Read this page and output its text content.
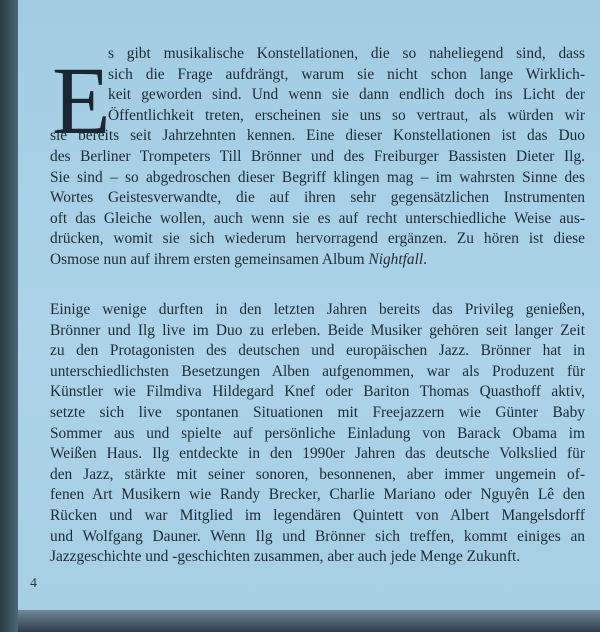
E
s gibt musikalische Konstellationen, die so naheliegend sind, dass
sich die Frage aufdrängt, warum sie nicht schon lange Wirklich-
keit geworden sind. Und wenn sie dann endlich doch ins Licht der
Öffentlichkeit treten, erscheinen sie uns so vertraut, als würden wir
sie bereits seit Jahrzehnten kennen. Eine dieser Konstellationen ist das Duo
des Berliner Trompeters Till Brönner und des Freiburger Bassisten Dieter Ilg.
Sie sind – so abgedroschen dieser Begriff klingen mag – im wahrsten Sinne des
Wortes Geistesverwandte, die auf ihren sehr gegensätzlichen Instrumenten
oft das Gleiche wollen, auch wenn sie es auf recht unterschiedliche Weise aus-
drücken, womit sie sich wiederum hervorragend ergänzen. Zu hören ist diese
Osmose nun auf ihrem ersten gemeinsamen Album Nightfall.
Einige wenige durften in den letzten Jahren bereits das Privileg genießen,
Brönner und Ilg live im Duo zu erleben. Beide Musiker gehören seit langer Zeit
zu den Protagonisten des deutschen und europäischen Jazz. Brönner hat in
unterschiedlichsten Besetzungen Alben aufgenommen, war als Produzent für
Künstler wie Filmdiva Hildegard Knef oder Bariton Thomas Quasthoff aktiv,
setzte sich live spontanen Situationen mit Freejazzern wie Günter Baby
Sommer aus und spielte auf persönliche Einladung von Barack Obama im
Weißen Haus. Ilg entdeckte in den 1990er Jahren das deutsche Volkslied für
den Jazz, stärkte mit seiner sonoren, besonnenen, aber immer ungemein of-
fenen Art Musikern wie Randy Brecker, Charlie Mariano oder Nguyên Lê den
Rücken und war Mitglied im legendären Quintett von Albert Mangelsdorff
und Wolfgang Dauner. Wenn Ilg und Brönner sich treffen, kommt einiges an
Jazzgeschichte und -geschichten zusammen, aber auch jede Menge Zukunft.
4
